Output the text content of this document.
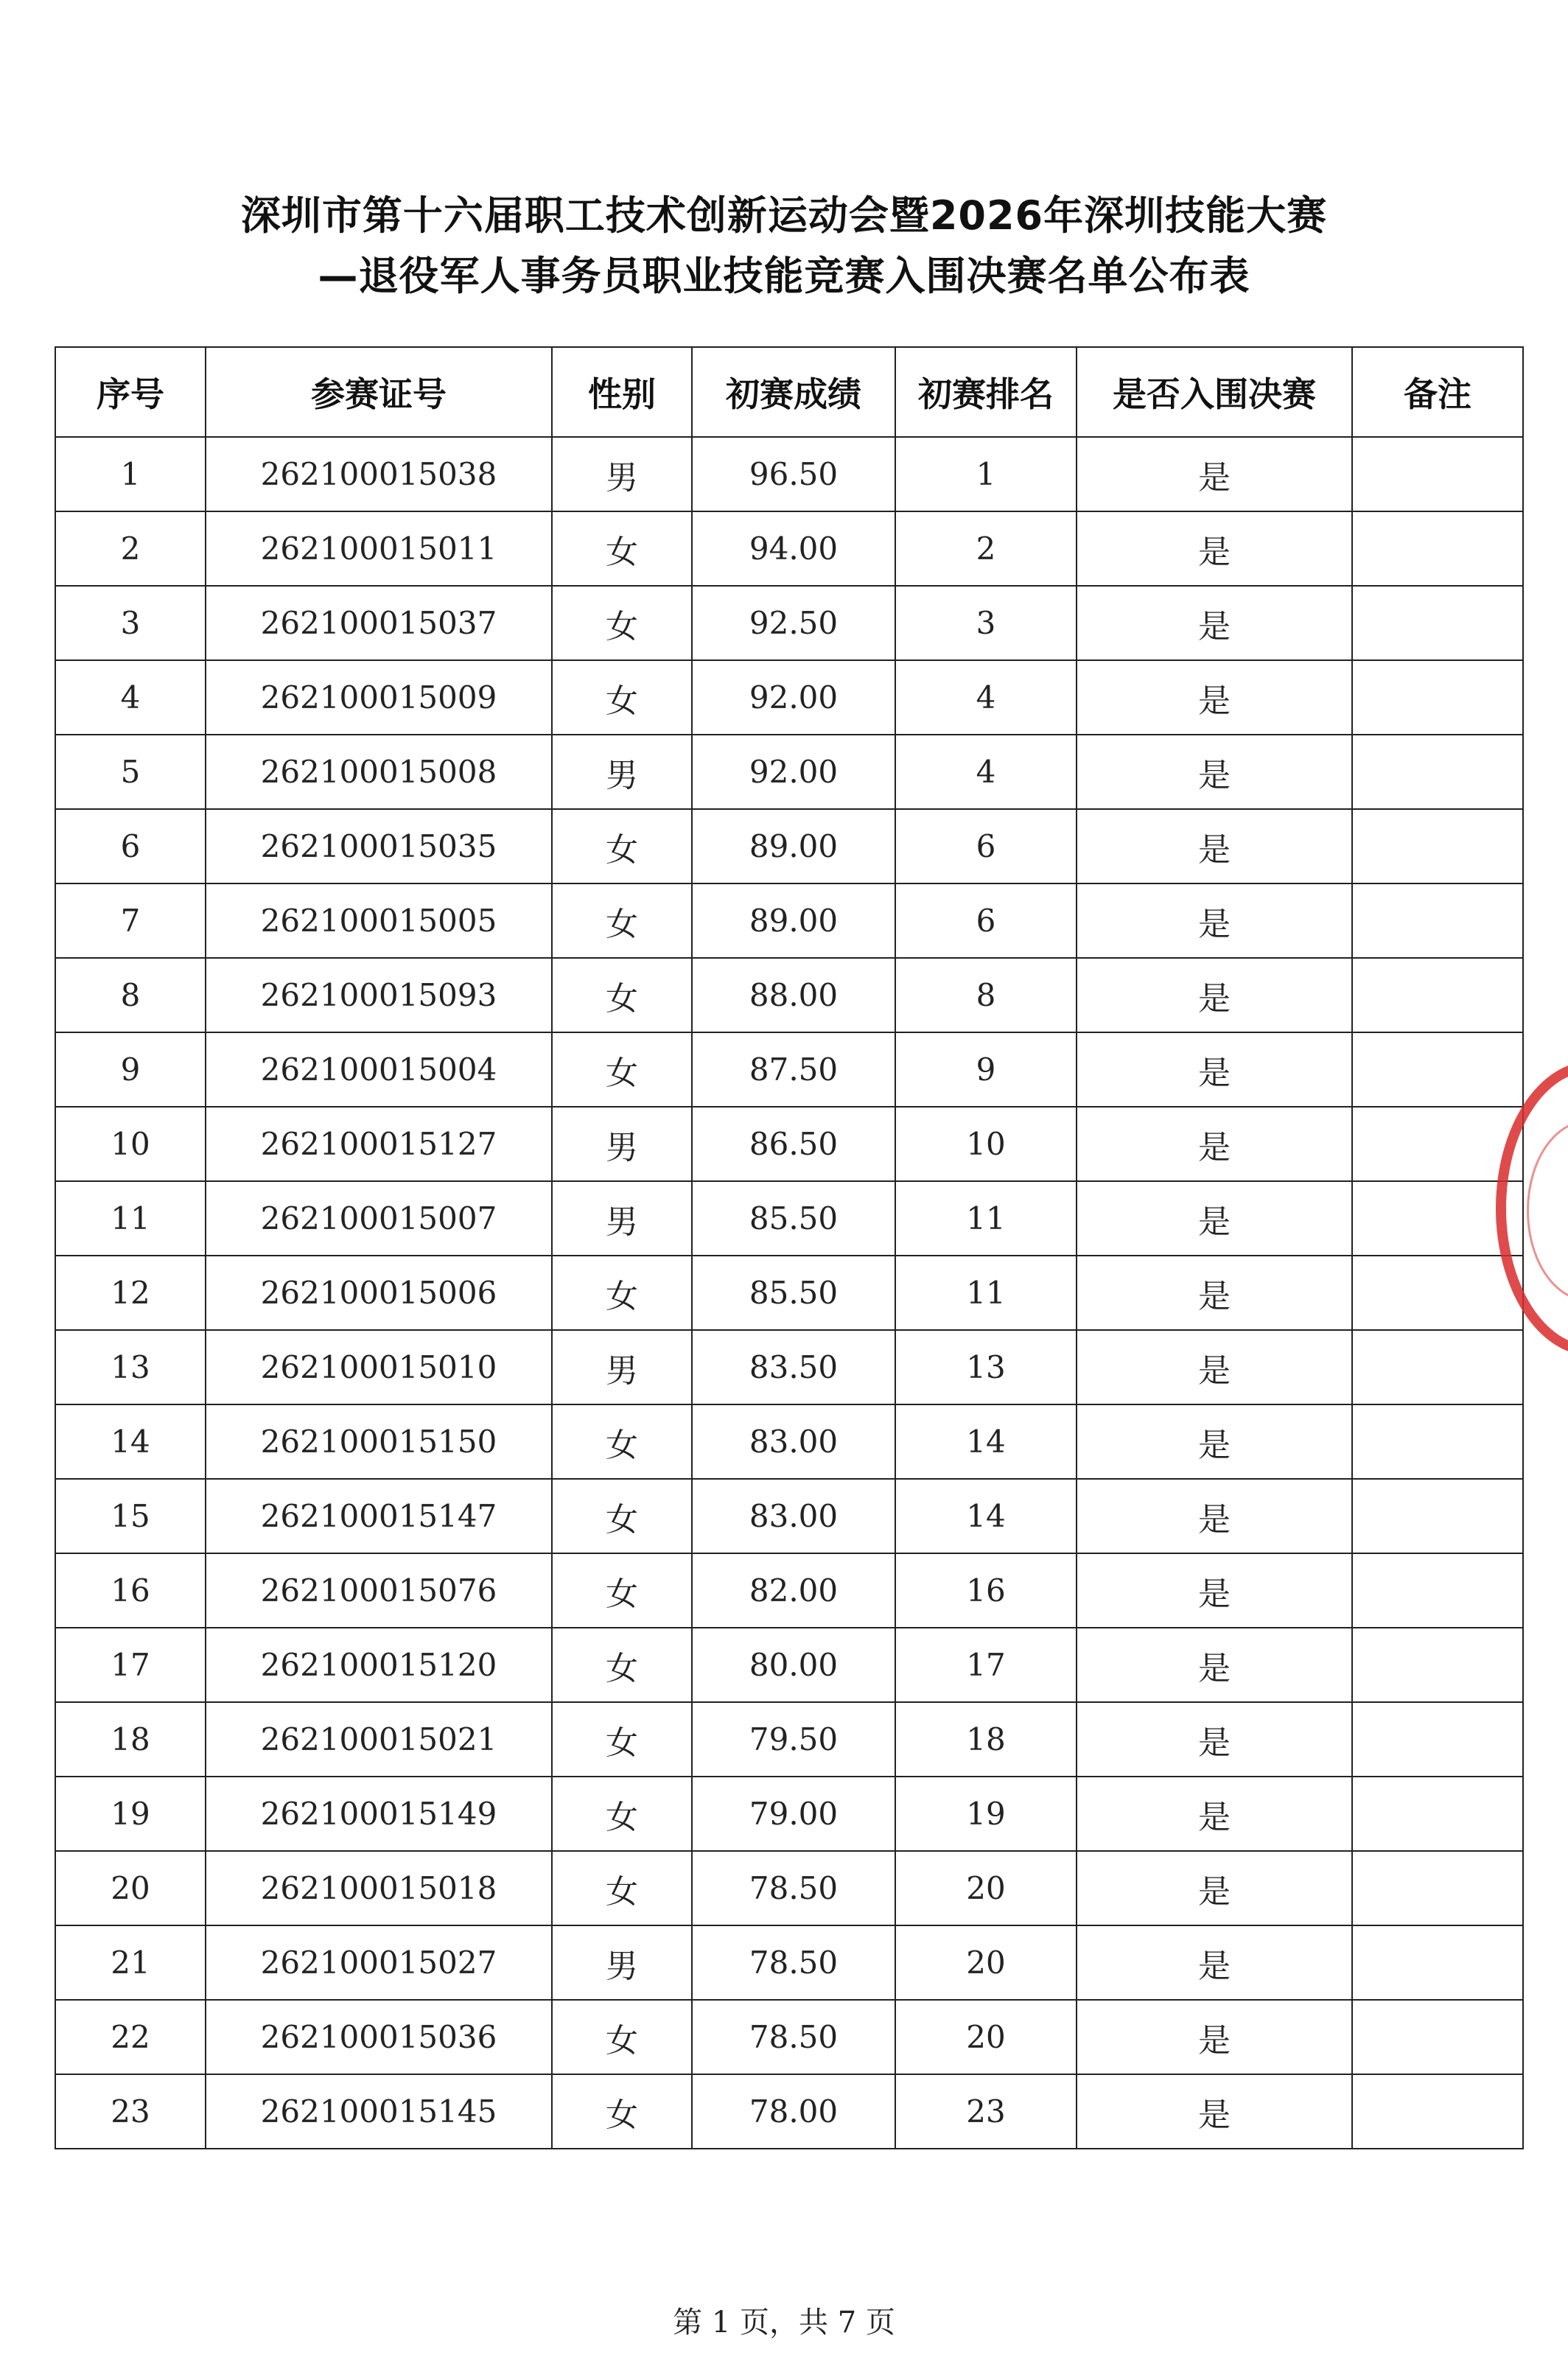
深圳市第十六届职工技术创新运动会暨2026年深圳技能大赛
—退役军人事务员职业技能竞赛入围决赛名单公布表
序号	参赛证号	性别	初赛成绩	初赛排名	是否入围决赛	备注
1	262100015038	男	96.50	1	是	
2	262100015011	女	94.00	2	是	
3	262100015037	女	92.50	3	是	
4	262100015009	女	92.00	4	是	
5	262100015008	男	92.00	4	是	
6	262100015035	女	89.00	6	是	
7	262100015005	女	89.00	6	是	
8	262100015093	女	88.00	8	是	
9	262100015004	女	87.50	9	是	
10	262100015127	男	86.50	10	是	
11	262100015007	男	85.50	11	是	
12	262100015006	女	85.50	11	是	
13	262100015010	男	83.50	13	是	
14	262100015150	女	83.00	14	是	
15	262100015147	女	83.00	14	是	
16	262100015076	女	82.00	16	是	
17	262100015120	女	80.00	17	是	
18	262100015021	女	79.50	18	是	
19	262100015149	女	79.00	19	是	
20	262100015018	女	78.50	20	是	
21	262100015027	男	78.50	20	是	
22	262100015036	女	78.50	20	是	
23	262100015145	女	78.00	23	是	
第 1 页，共 7 页
